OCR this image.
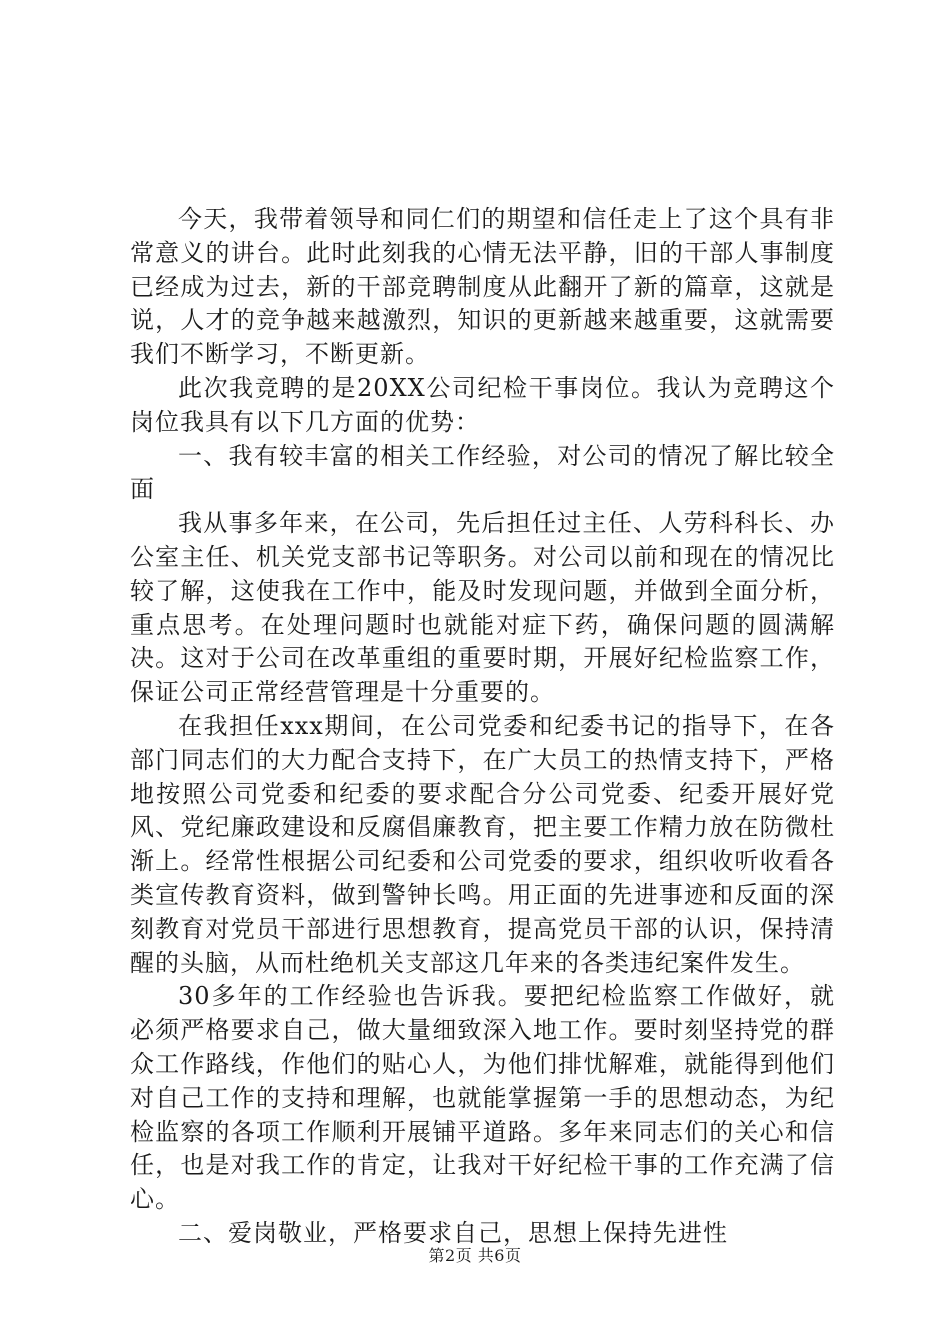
今天，我带着领导和同仁们的期望和信任走上了这个具有非常意义的讲台。此时此刻我的心情无法平静，旧的干部人事制度已经成为过去，新的干部竞聘制度从此翻开了新的篇章，这就是说，人才的竞争越来越激烈，知识的更新越来越重要，这就需要我们不断学习，不断更新。

此次我竞聘的是20XX公司纪检干事岗位。我认为竞聘这个岗位我具有以下几方面的优势：

一、我有较丰富的相关工作经验，对公司的情况了解比较全面

我从事多年来，在公司，先后担任过主任、人劳科科长、办公室主任、机关党支部书记等职务。对公司以前和现在的情况比较了解，这使我在工作中，能及时发现问题，并做到全面分析，重点思考。在处理问题时也就能对症下药，确保问题的圆满解决。这对于公司在改革重组的重要时期，开展好纪检监察工作，保证公司正常经营管理是十分重要的。

在我担任xxx期间，在公司党委和纪委书记的指导下，在各部门同志们的大力配合支持下，在广大员工的热情支持下，严格地按照公司党委和纪委的要求配合分公司党委、纪委开展好党风、党纪廉政建设和反腐倡廉教育，把主要工作精力放在防微杜渐上。经常性根据公司纪委和公司党委的要求，组织收听收看各类宣传教育资料，做到警钟长鸣。用正面的先进事迹和反面的深刻教育对党员干部进行思想教育，提高党员干部的认识，保持清醒的头脑，从而杜绝机关支部这几年来的各类违纪案件发生。

30多年的工作经验也告诉我。要把纪检监察工作做好，就必须严格要求自己，做大量细致深入地工作。要时刻坚持党的群众工作路线，作他们的贴心人，为他们排忧解难，就能得到他们对自己工作的支持和理解，也就能掌握第一手的思想动态，为纪检监察的各项工作顺利开展铺平道路。多年来同志们的关心和信任，也是对我工作的肯定，让我对干好纪检干事的工作充满了信心。

二、爱岗敬业，严格要求自己，思想上保持先进性

第2页 共6页
